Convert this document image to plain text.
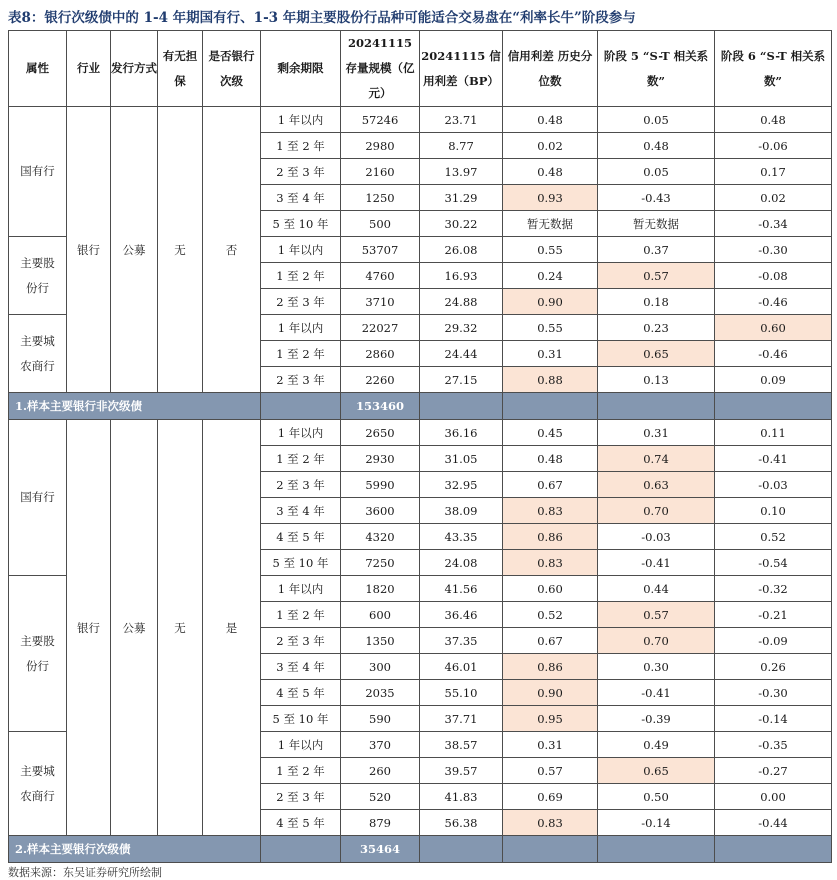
表8：银行次级债中的 1-4 年期国有行、1-3 年期主要股份行品种可能适合交易盘在“利率长牛”阶段参与
属性	行业	发行方式	有无担保	是否银行次级	剩余期限	20241115 存量规模（亿元）	20241115 信用利差（BP）	信用利差 历史分位数	阶段 5 “S-T 相关系数”	阶段 6 “S-T 相关系数”
国有行	银行	公募	无	否	1 年以内	57246	23.71	0.48	0.05	0.48
					1 至 2 年	2980	8.77	0.02	0.48	-0.06
					2 至 3 年	2160	13.97	0.48	0.05	0.17
					3 至 4 年	1250	31.29	0.93	-0.43	0.02
					5 至 10 年	500	30.22	暂无数据	暂无数据	-0.34
主要股份行					1 年以内	53707	26.08	0.55	0.37	-0.30
					1 至 2 年	4760	16.93	0.24	0.57	-0.08
					2 至 3 年	3710	24.88	0.90	0.18	-0.46
主要城农商行					1 年以内	22027	29.32	0.55	0.23	0.60
					1 至 2 年	2860	24.44	0.31	0.65	-0.46
					2 至 3 年	2260	27.15	0.88	0.13	0.09
1.样本主要银行非次级债						153460				
国有行	银行	公募	无	是	1 年以内	2650	36.16	0.45	0.31	0.11
					1 至 2 年	2930	31.05	0.48	0.74	-0.41
					2 至 3 年	5990	32.95	0.67	0.63	-0.03
					3 至 4 年	3600	38.09	0.83	0.70	0.10
					4 至 5 年	4320	43.35	0.86	-0.03	0.52
					5 至 10 年	7250	24.08	0.83	-0.41	-0.54
主要股份行					1 年以内	1820	41.56	0.60	0.44	-0.32
					1 至 2 年	600	36.46	0.52	0.57	-0.21
					2 至 3 年	1350	37.35	0.67	0.70	-0.09
					3 至 4 年	300	46.01	0.86	0.30	0.26
					4 至 5 年	2035	55.10	0.90	-0.41	-0.30
					5 至 10 年	590	37.71	0.95	-0.39	-0.14
主要城农商行					1 年以内	370	38.57	0.31	0.49	-0.35
					1 至 2 年	260	39.57	0.57	0.65	-0.27
					2 至 3 年	520	41.83	0.69	0.50	0.00
					4 至 5 年	879	56.38	0.83	-0.14	-0.44
2.样本主要银行次级债						35464				
数据来源：东吴证券研究所绘制
